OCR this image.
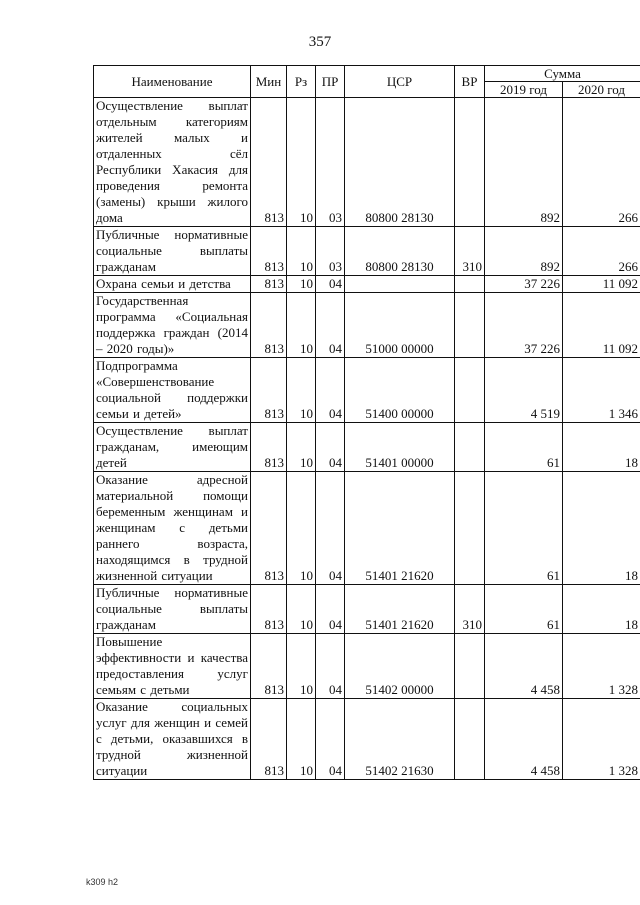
357
Наименование	Мин	Рз	ПР	ЦСР	ВР	Сумма	
						2019 год	2020 год
Осуществление выплат отдельным категориям жителей малых и отдаленных сёл Республики Хакасия для проведения ремонта (замены) крыши жилого дома	813	10	03	80800 28130		892	266
Публичные нормативные социальные выплаты гражданам	813	10	03	80800 28130	310	892	266
Охрана семьи и детства	813	10	04			37 226	11 092
Государственная программа «Социальная поддержка граждан (2014 – 2020 годы)»	813	10	04	51000 00000		37 226	11 092
Подпрограмма «Совершенствование социальной поддержки семьи и детей»	813	10	04	51400 00000		4 519	1 346
Осуществление выплат гражданам, имеющим детей	813	10	04	51401 00000		61	18
Оказание адресной материальной помощи беременным женщинам и женщинам с детьми раннего возраста, находящимся в трудной жизненной ситуации	813	10	04	51401 21620		61	18
Публичные нормативные социальные выплаты гражданам	813	10	04	51401 21620	310	61	18
Повышение эффективности и качества предоставления услуг семьям с детьми	813	10	04	51402 00000		4 458	1 328
Оказание социальных услуг для женщин и семей с детьми, оказавшихся в трудной жизненной ситуации	813	10	04	51402 21630		4 458	1 328
k309 h2
